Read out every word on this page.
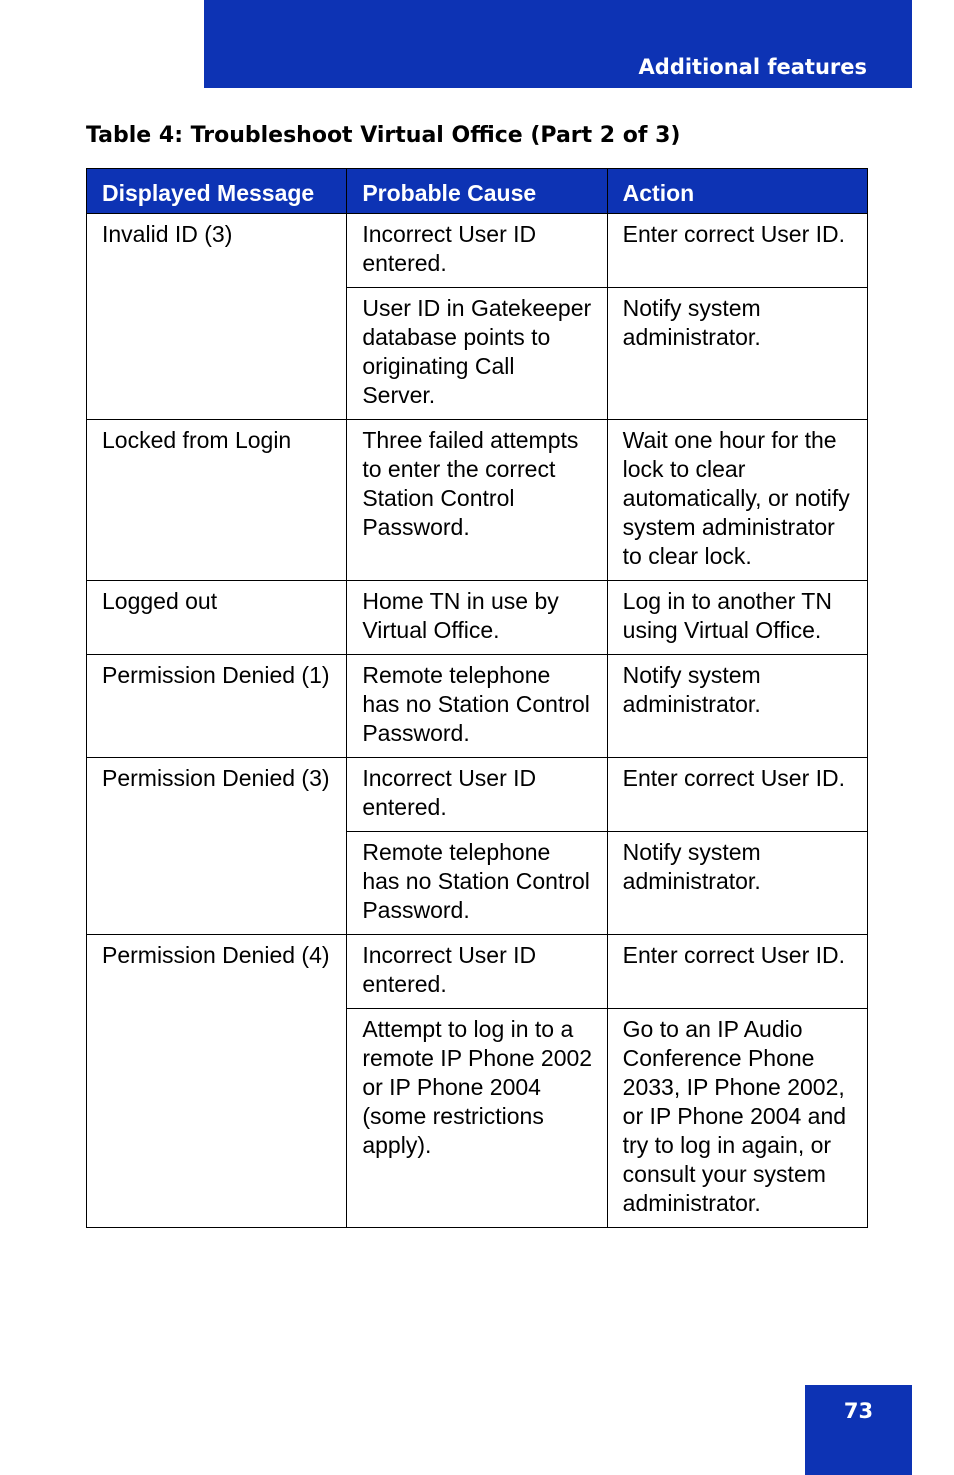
Additional features
Table 4: Troubleshoot Virtual Office (Part 2 of 3)
Displayed Message	Probable Cause	Action
Invalid ID (3)	Incorrect User ID entered.	Enter correct User ID.
	User ID in Gatekeeper database points to originating Call Server.	Notify system administrator.
Locked from Login	Three failed attempts to enter the correct Station Control Password.	Wait one hour for the lock to clear automatically, or notify system administrator to clear lock.
Logged out	Home TN in use by Virtual Office.	Log in to another TN using Virtual Office.
Permission Denied (1)	Remote telephone has no Station Control Password.	Notify system administrator.
Permission Denied (3)	Incorrect User ID entered.	Enter correct User ID.
	Remote telephone has no Station Control Password.	Notify system administrator.
Permission Denied (4)	Incorrect User ID entered.	Enter correct User ID.
	Attempt to log in to a remote IP Phone 2002 or IP Phone 2004 (some restrictions apply).	Go to an IP Audio Conference Phone 2033, IP Phone 2002, or IP Phone 2004 and try to log in again, or consult your system administrator.
73
